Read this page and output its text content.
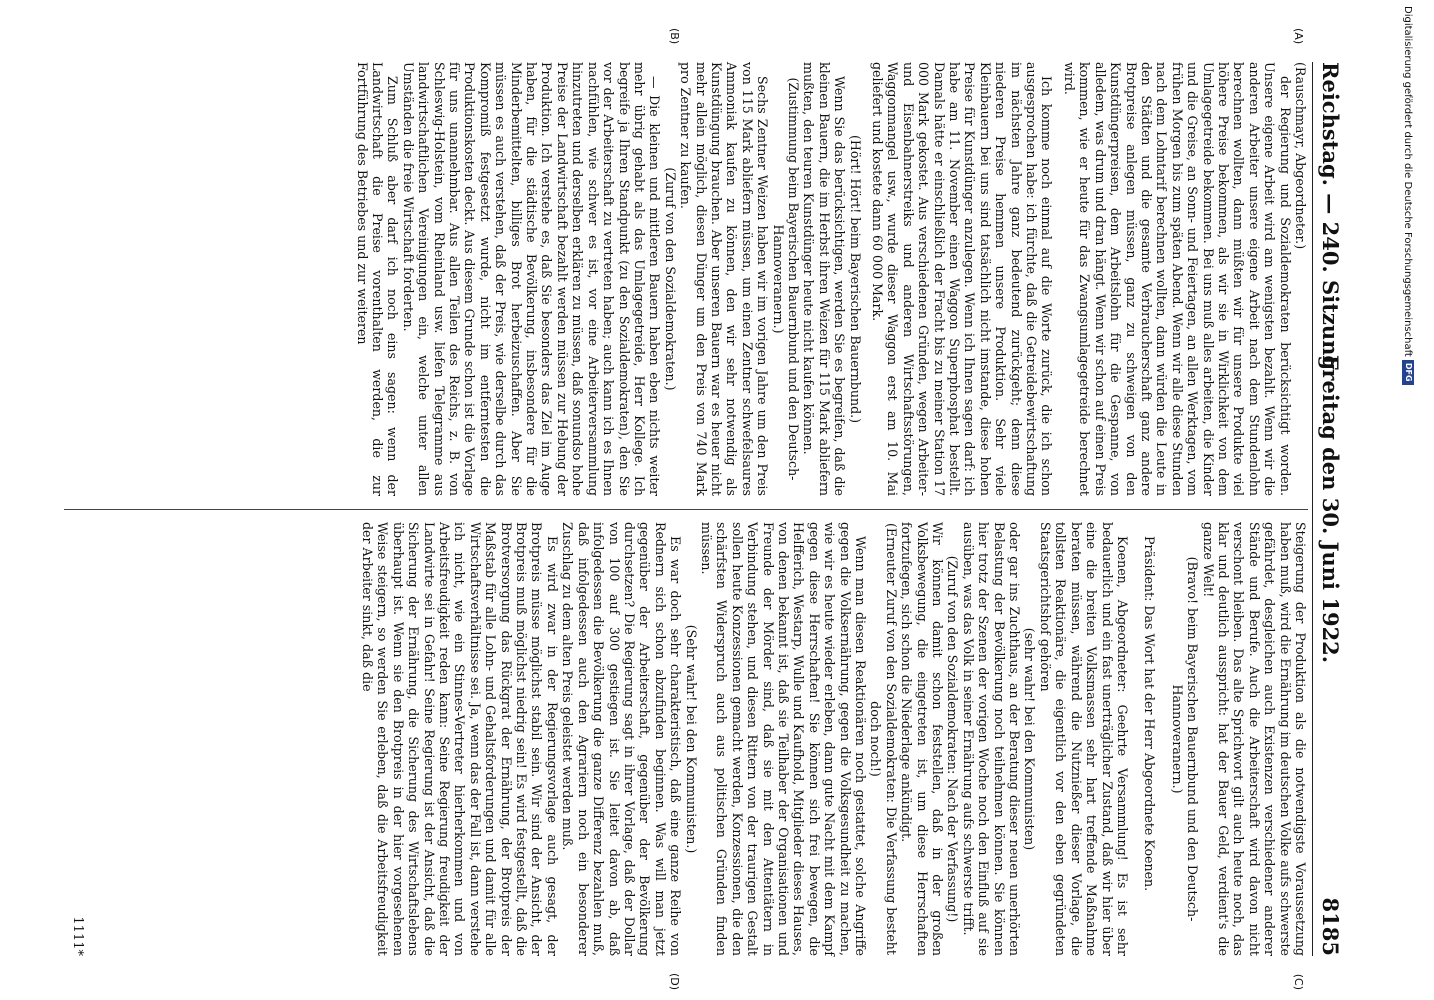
Reichstag. — 240. Sitzung.
Freitag den 30. Juni 1922.
8185
(A)
(B)

(Rauschmayr, Abgeordneter.)

der Regierung und Sozialdemokraten berücksichtigt worden. Unsere eigene Arbeit wird am wenigsten bezahlt. Wenn wir die anderen Arbeiter unsere eigene Arbeit nach dem Stundenlohn berechnen wollten, dann müßten wir für unsere Produkte viel höhere Preise bekommen, als wir sie in Wirklichkeit von dem Umlagegetreide bekommen. Bei uns muß alles arbeiten, die Kinder und die Greise, an Sonn- und Feiertagen, an allen Werktagen, vom frühen Morgen bis zum späten Abend. Wenn wir alle diese Stunden nach dem Lohntarif berechnen wollten, dann würden die Leute in den Städten und die gesamte Verbraucherschaft ganz andere Brotpreise anlegen müssen, ganz zu schweigen von den Kunstdüngerpreisen, dem Arbeitslohn für die Gespanne, von alledem, was drum und dran hängt. Wenn wir schon auf einen Preis kommen, wie er heute für das Zwangsumlagegetreide berechnet wird.

Ich komme noch einmal auf die Worte zurück, die ich schon ausgesprochen habe: ich fürchte, daß die Getreidebewirtschaftung im nächsten Jahre ganz bedeutend zurückgeht; denn diese niederen Preise hemmen unsere Produktion. Sehr viele Kleinbauern bei uns sind tatsächlich nicht imstande, diese hohen Preise für Kunstdünger anzulegen. Wenn ich Ihnen sagen darf: ich habe am 11. November einen Waggon Superphosphat bestellt. Damals hätte er einschließlich der Fracht bis zu meiner Station 17 000 Mark gekostet. Aus verschiedenen Gründen, wegen Arbeiter- und Eisenbahnerstreiks und anderen Wirtschaftsstörungen, Waggonmangel usw., wurde dieser Waggon erst am 10. Mai geliefert und kostete dann 60 000 Mark.

(Hört! Hört! beim Bayerischen Bauernbund.)

Wenn Sie das berücksichtigen, werden Sie es begreifen, daß die kleinen Bauern, die im Herbst ihren Weizen für 115 Mark abliefern mußten, den teuren Kunstdünger heute nicht kaufen können.

(Zustimmung beim Bayerischen Bauernbund und den Deutsch-Hannoveranern.)

Sechs Zentner Weizen haben wir im vorigen Jahre um den Preis von 115 Mark abliefern müssen, um einen Zentner schwefelsaures Ammoniak kaufen zu können, den wir sehr notwendig als Kunstdüngung brauchen. Aber unseren Bauern war es heuer nicht mehr allein möglich, diesen Dünger um den Preis von 740 Mark pro Zentner zu kaufen.

(Zuruf von den Sozialdemokraten.)

— Die kleinen und mittleren Bauern haben eben nichts weiter mehr übrig gehabt als das Umlagegetreide, Herr Kollege. Ich begreife ja Ihren Standpunkt (zu den Sozialdemokraten), den Sie vor der Arbeiterschaft zu vertreten haben; auch kann ich es Ihnen nachfühlen, wie schwer es ist, vor eine Arbeiterversammlung hinzutreten und derselben erklären zu müssen, daß sonundso hohe Preise der Landwirtschaft bezahlt werden müssen zur Hebung der Produktion. Ich verstehe es, daß Sie besonders das Ziel im Auge haben, für die städtische Bevölkerung, insbesondere für die Minderbemittelten, billiges Brot herbeizuschaffen. Aber Sie müssen es auch verstehen, daß der Preis, wie derselbe durch das Kompromiß festgesetzt wurde, nicht im entferntesten die Produktionskosten deckt. Aus diesem Grunde schon ist die Vorlage für uns unannehmbar. Aus allen Teilen des Reichs, z. B. von Schleswig-Holstein, vom Rheinland usw. liefen Telegramme aus landwirtschaftlichen Vereinigungen ein, welche unter allen Umständen die freie Wirtschaft forderten.

Zum Schluß aber darf ich noch eins sagen: wenn der Landwirtschaft die Preise vorenthalten werden, die zur Fortführung des Betriebes und zur weiteren

(C)
(D)

Steigerung der Produktion als die notwendigste Voraussetzung haben muß, wird die Ernährung im deutschen Volke aufs schwerste gefährdet, desgleichen auch Existenzen verschiedener anderer Stände und Berufe. Auch die Arbeiterschaft wird davon nicht verschont bleiben. Das alte Sprichwort gilt auch heute noch, das klar und deutlich ausspricht: hat der Bauer Geld, verdient's die ganze Welt!

(Bravo! beim Bayerischen Bauernbund und den Deutsch-Hannoveranern.)

Präsident: Das Wort hat der Herr Abgeordnete Koenen.

Koenen, Abgeordneter: Geehrte Versammlung! Es ist sehr bedauerlich und ein fast unerträglicher Zustand, daß wir hier über eine die breiten Volksmassen sehr hart treffende Maßnahme beraten müssen, während die Nutznießer dieser Vorlage, die tollsten Reaktionäre, die eigentlich vor den eben gegründeten Staatsgerichtshof gehören

(sehr wahr! bei den Kommunisten)

oder gar ins Zuchthaus, an der Beratung dieser neuen unerhörten Belastung der Bevölkerung noch teilnehmen können. Sie können hier trotz der Szenen der vorigen Woche noch den Einfluß auf sie ausüben, was das Volk in seiner Ernährung aufs schwerste trifft.

(Zuruf von den Sozialdemokraten: Nach der Verfassung!)

Wir können damit schon feststellen, daß in der großen Volksbewegung, die eingetreten ist, um diese Herrschaften fortzufegen, sich schon die Niederlage ankündigt.

(Erneuter Zuruf von den Sozialdemokraten: Die Verfassung besteht doch noch!)

Wenn man diesen Reaktionären noch gestattet, solche Angriffe gegen die Volksernährung, gegen die Volksgesundheit zu machen, wie wir es heute wieder erleben, dann gute Nacht mit dem Kampf gegen diese Herrschaften! Sie können sich frei bewegen, die Helfferich, Westarp, Wulle und Kaufhold, Mitglieder dieses Hauses, von denen bekannt ist, daß sie Teilhaber der Organisationen und Freunde der Mörder sind, daß sie mit den Attentätern in Verbindung stehen, und diesen Rittern von der traurigen Gestalt sollen heute Konzessionen gemacht werden, Konzessionen, die den schärfsten Widerspruch auch aus politischen Gründen finden müssen.

(Sehr wahr! bei den Kommunisten.)

Es war doch sehr charakteristisch, daß eine ganze Reihe von Rednern sich schon abzufinden beginnen. Was will man jetzt gegenüber der Arbeiterschaft, gegenüber der Bevölkerung durchsetzen? Die Regierung sagt in ihrer Vorlage, daß der Dollar von 100 auf 300 gestiegen ist. Sie leitet davon ab, daß infolgedessen die Bevölkerung die ganze Differenz bezahlen muß, daß infolgedessen auch den Agrariern noch ein besonderer Zuschlag zu dem alten Preis geleistet werden muß.

Es wird zwar in der Regierungsvorlage auch gesagt, der Brotpreis müsse möglichst stabil sein. Wir sind der Ansicht, der Brotpreis muß möglichst niedrig sein! Es wird festgestellt, daß die Brotversorgung das Rückgrat der Ernährung, der Brotpreis der Maßstab für alle Lohn- und Gehaltsforderungen und damit für alle Wirtschaftsverhältnisse sei. Ja, wenn das der Fall ist, dann verstehe ich nicht, wie ein Stinnes-Vertreter hierherkommen und von Arbeitsfreudigkeit reden kann: Seine Regierung freudigkeit der Landwirte sei in Gefahr! Seine Regierung ist der Ansicht, daß die Sicherung der Ernährung, die Sicherung des Wirtschaftslebens überhaupt ist. Wenn sie den Brotpreis in der hier vorgesehenen Weise steigern, so werden Sie erleben, daß die Arbeitsfreudigkeit der Arbeiter sinkt, daß die

1111*
Digitalisierung gefördert durch die Deutsche ForschungsgemeinschaftDFG
